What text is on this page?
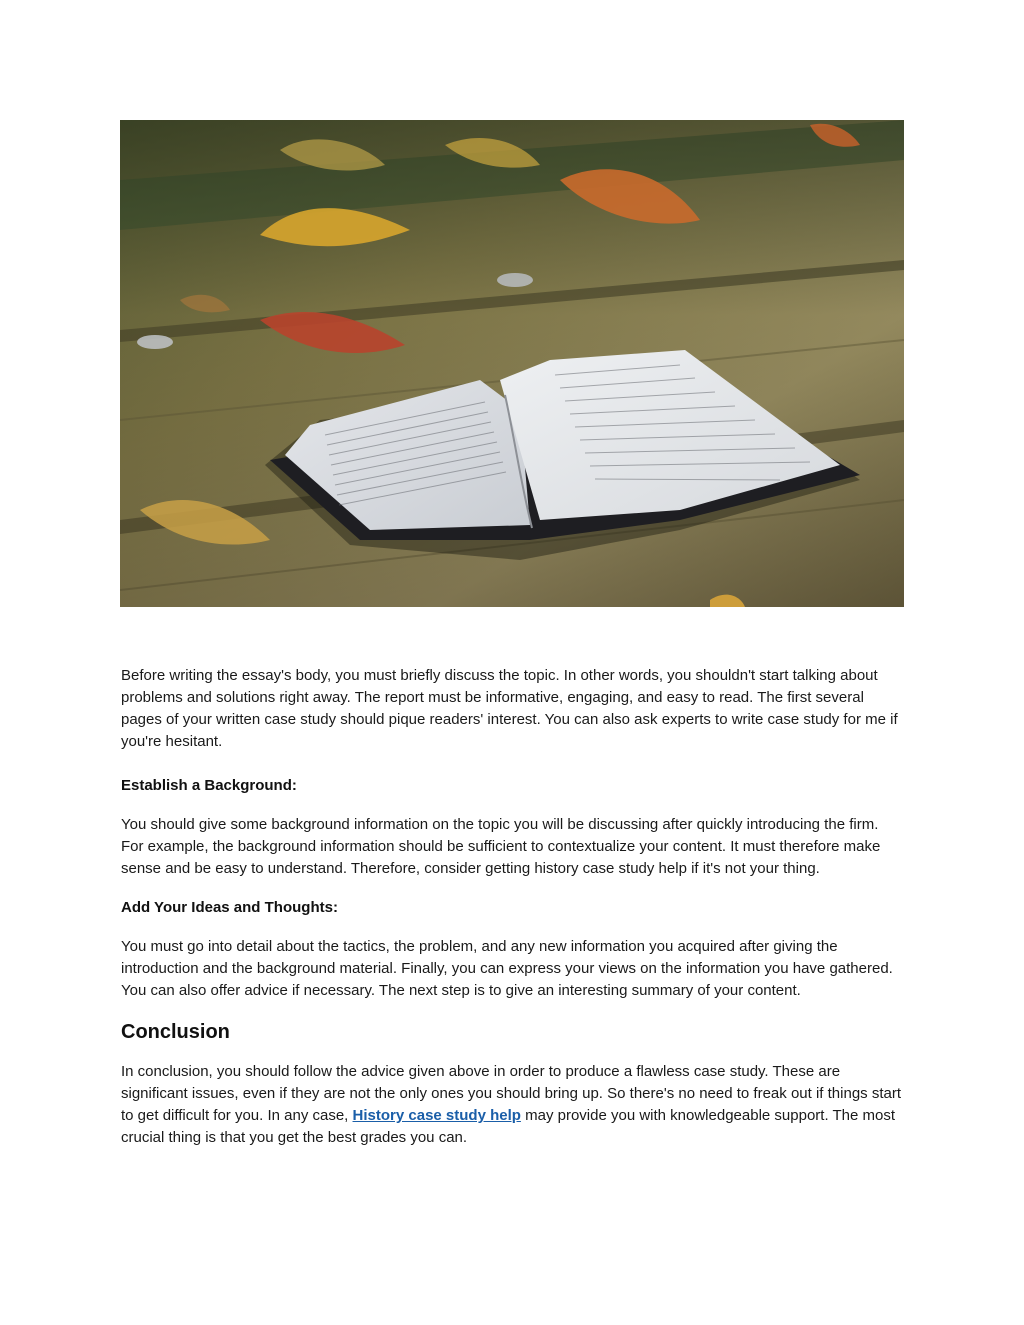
Before writing the essay's body, you must briefly discuss the topic. In other words, you shouldn't start talking about problems and solutions right away. The report must be informative, engaging, and easy to read. The first several pages of your written case study should pique readers' interest. You can also ask experts to write case study for me if you're hesitant.

Establish a Background:

You should give some background information on the topic you will be discussing after quickly introducing the firm. For example, the background information should be sufficient to contextualize your content. It must therefore make sense and be easy to understand. Therefore, consider getting history case study help if it's not your thing.

Add Your Ideas and Thoughts:

You must go into detail about the tactics, the problem, and any new information you acquired after giving the introduction and the background material. Finally, you can express your views on the information you have gathered. You can also offer advice if necessary. The next step is to give an interesting summary of your content.

Conclusion

In conclusion, you should follow the advice given above in order to produce a flawless case study. These are significant issues, even if they are not the only ones you should bring up. So there's no need to freak out if things start to get difficult for you. In any case, History case study help may provide you with knowledgeable support. The most crucial thing is that you get the best grades you can.
